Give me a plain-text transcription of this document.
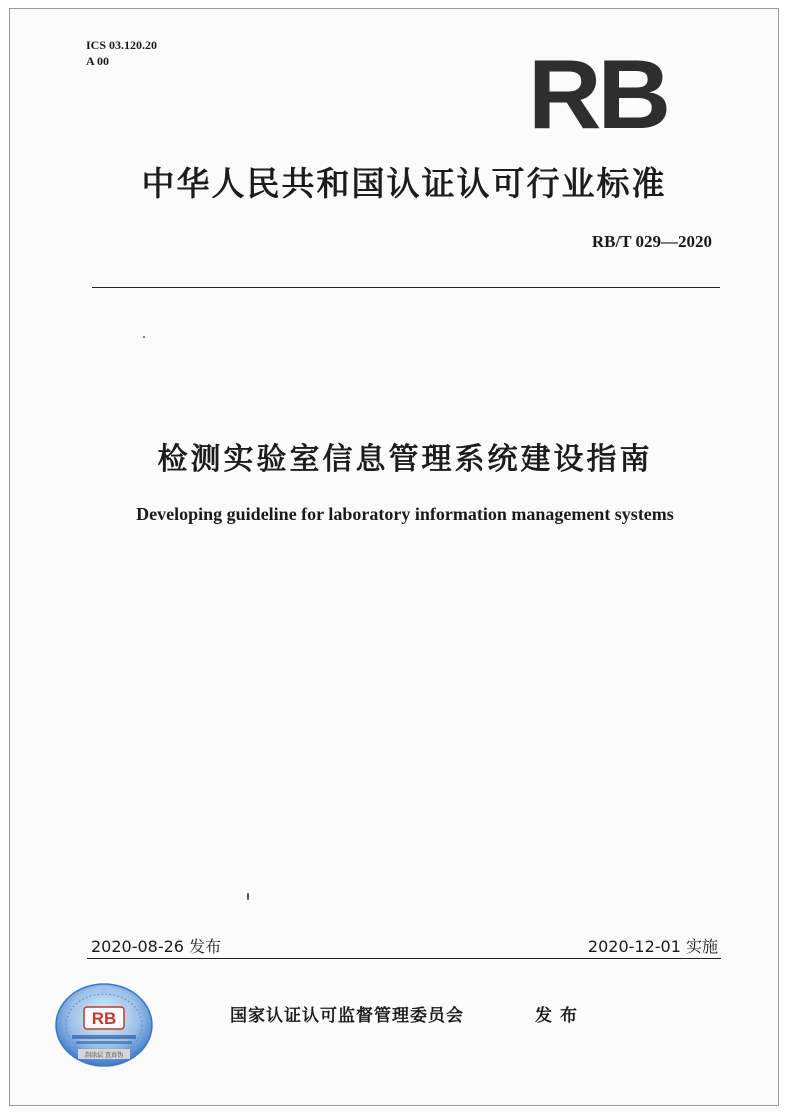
ICS 03.120.20

A 00	RB
中华人民共和国认证认可行业标准

RB/T 029—2020

检测实验室信息管理系统建设指南

Developing guideline for laboratory information management systems

2020-08-26 发布	2020-12-01 实施

RB
刮涂层 查真伪

国家认证认可监督管理委员会	发布
